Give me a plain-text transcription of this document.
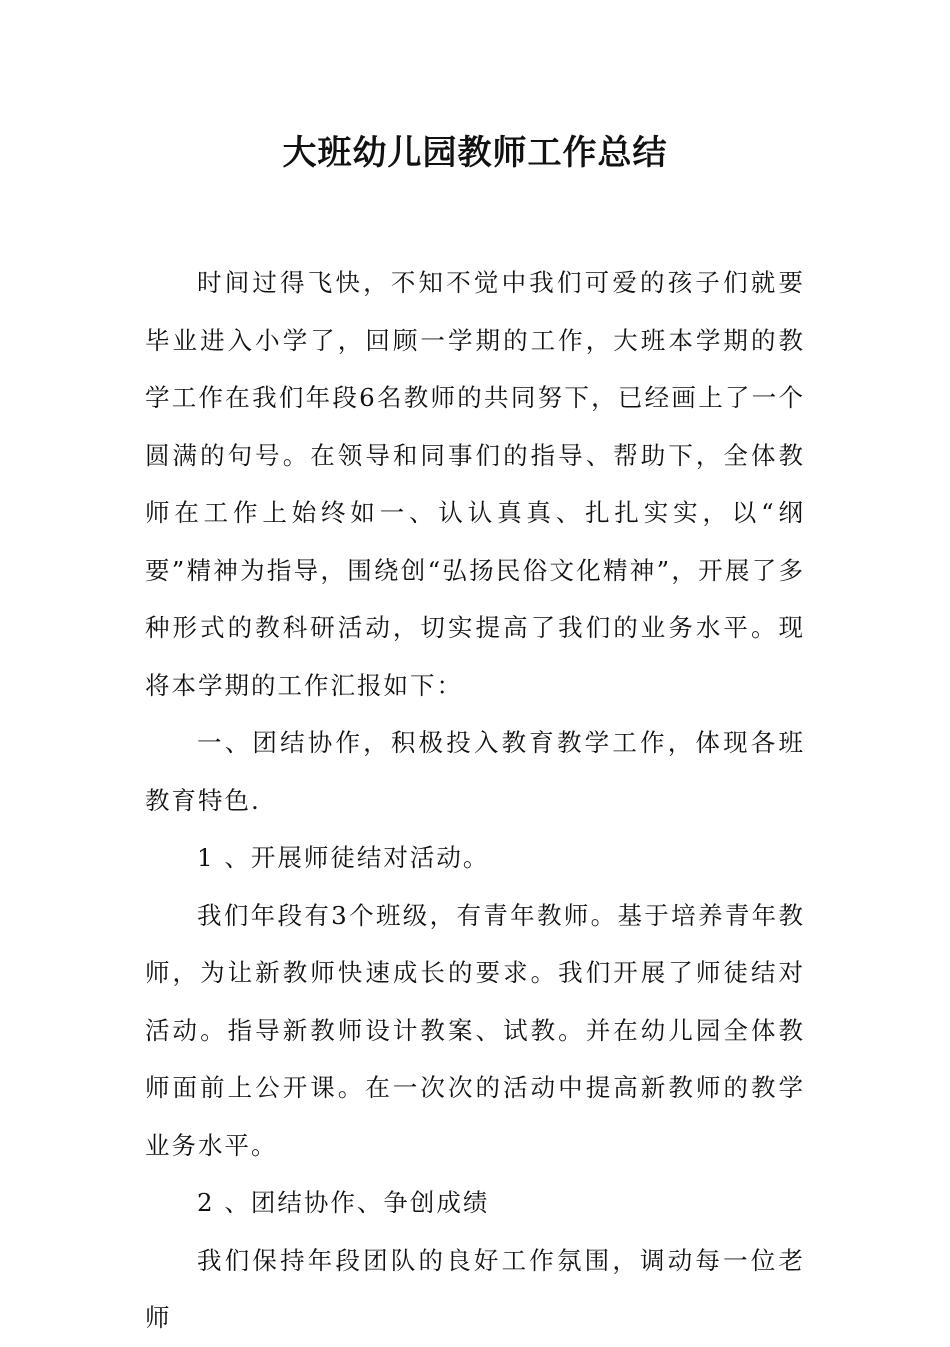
大班幼儿园教师工作总结

时间过得飞快，不知不觉中我们可爱的孩子们就要毕业进入小学了，回顾一学期的工作，大班本学期的教学工作在我们年段6名教师的共同努下，已经画上了一个圆满的句号。在领导和同事们的指导、帮助下，全体教师在工作上始终如一、认认真真、扎扎实实，以“纲要”精神为指导，围绕创“弘扬民俗文化精神”，开展了多种形式的教科研活动，切实提高了我们的业务水平。现将本学期的工作汇报如下：

一、团结协作，积极投入教育教学工作，体现各班教育特色.

1 、开展师徒结对活动。

我们年段有3个班级，有青年教师。基于培养青年教师，为让新教师快速成长的要求。我们开展了师徒结对活动。指导新教师设计教案、试教。并在幼儿园全体教师面前上公开课。在一次次的活动中提高新教师的教学业务水平。

2 、团结协作、争创成绩

我们保持年段团队的良好工作氛围，调动每一位老师
